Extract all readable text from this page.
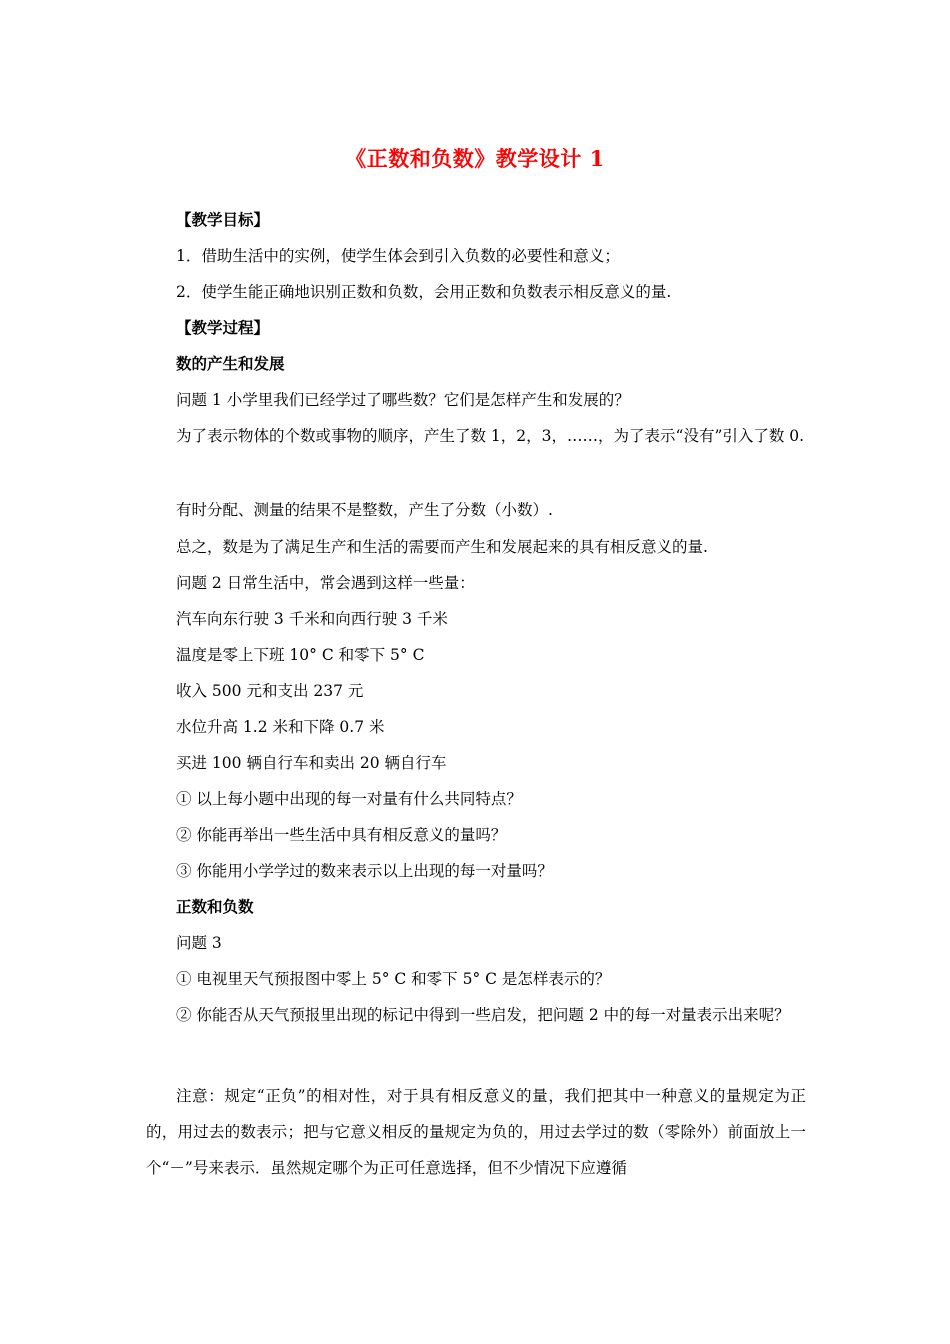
《正数和负数》教学设计 1
【教学目标】
1．借助生活中的实例，使学生体会到引入负数的必要性和意义；
2．使学生能正确地识别正数和负数，会用正数和负数表示相反意义的量.
【教学过程】
数的产生和发展
问题 1 小学里我们已经学过了哪些数？它们是怎样产生和发展的？
为了表示物体的个数或事物的顺序，产生了数 1，2，3，……，为了表示“没有”引入了数 0.
有时分配、测量的结果不是整数，产生了分数（小数）.
总之，数是为了满足生产和生活的需要而产生和发展起来的具有相反意义的量.
问题 2 日常生活中，常会遇到这样一些量：
汽车向东行驶 3 千米和向西行驶 3 千米
温度是零上下班 10° C 和零下 5° C
收入 500 元和支出 237 元
水位升高 1.2 米和下降 0.7 米
买进 100 辆自行车和卖出 20 辆自行车
① 以上每小题中出现的每一对量有什么共同特点？
② 你能再举出一些生活中具有相反意义的量吗？
③ 你能用小学学过的数来表示以上出现的每一对量吗？
正数和负数
问题 3
① 电视里天气预报图中零上 5° C 和零下 5° C 是怎样表示的？
② 你能否从天气预报里出现的标记中得到一些启发，把问题 2 中的每一对量表示出来呢？
注意：规定“正负”的相对性，对于具有相反意义的量，我们把其中一种意义的量规定为正的，用过去的数表示；把与它意义相反的量规定为负的，用过去学过的数（零除外）前面放上一个“－”号来表示．虽然规定哪个为正可任意选择，但不少情况下应遵循
